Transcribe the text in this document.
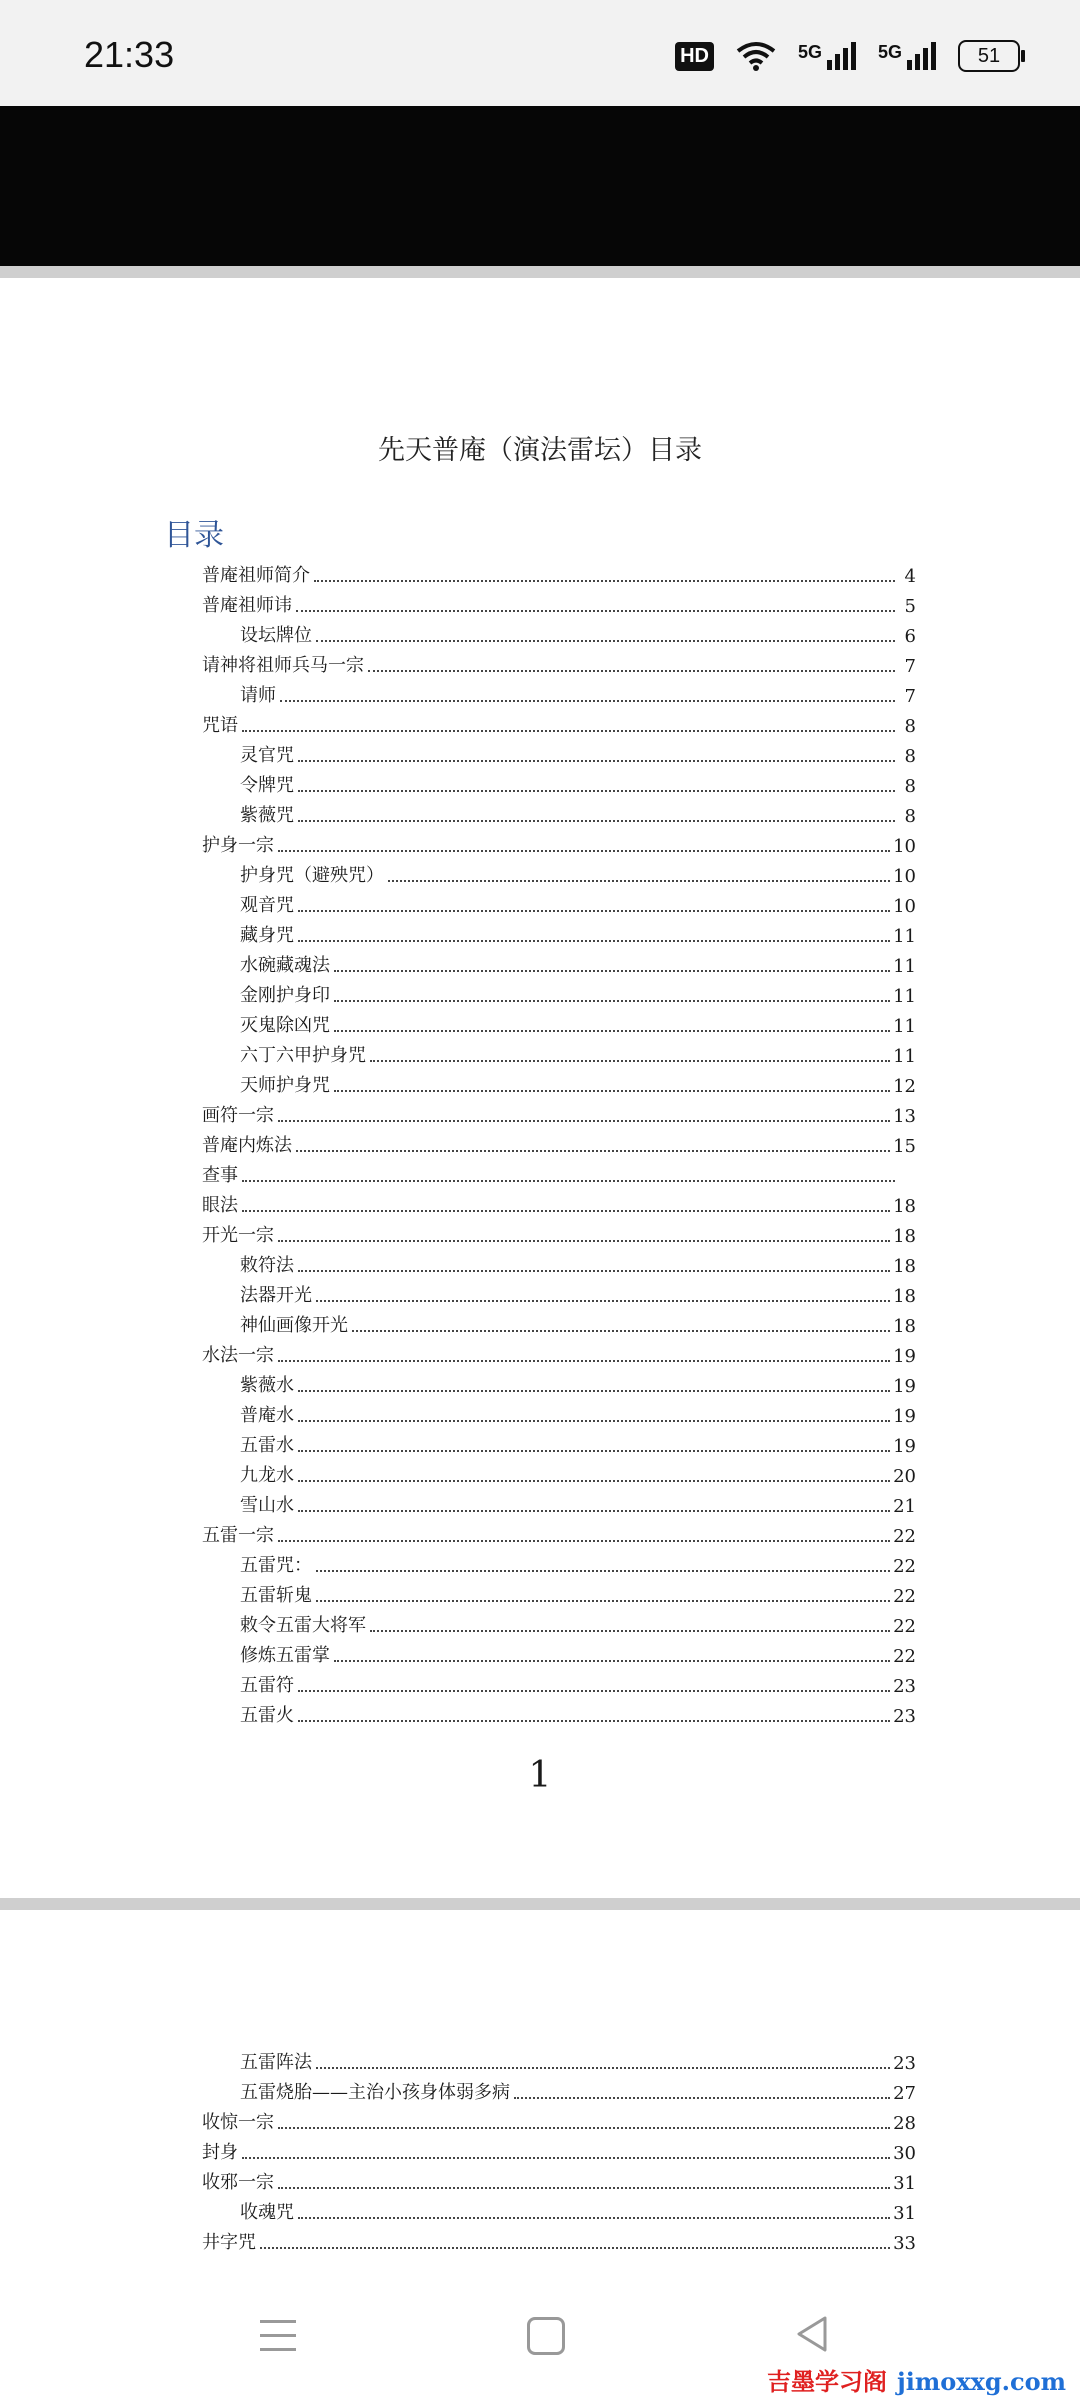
21:33	HD	5G	5G	51
先天普庵（演法雷坛）目录
目录
普庵祖师简介	4
普庵祖师讳	5
设坛牌位	6
请神将祖师兵马一宗	7
请师	7
咒语	8
灵官咒	8
令牌咒	8
紫薇咒	8
护身一宗	10
护身咒（避殃咒）	10
观音咒	10
藏身咒	11
水碗藏魂法	11
金刚护身印	11
灭鬼除凶咒	11
六丁六甲护身咒	11
天师护身咒	12
画符一宗	13
普庵内炼法	15
查事
眼法	18
开光一宗	18
敕符法	18
法器开光	18
神仙画像开光	18
水法一宗	19
紫薇水	19
普庵水	19
五雷水	19
九龙水	20
雪山水	21
五雷一宗	22
五雷咒：	22
五雷斩鬼	22
敕令五雷大将军	22
修炼五雷掌	22
五雷符	23
五雷火	23
1
五雷阵法	23
五雷烧胎——主治小孩身体弱多病	27
收惊一宗	28
封身	30
收邪一宗	31
收魂咒	31
井字咒	33
吉墨学习阁 jimoxxg.com
